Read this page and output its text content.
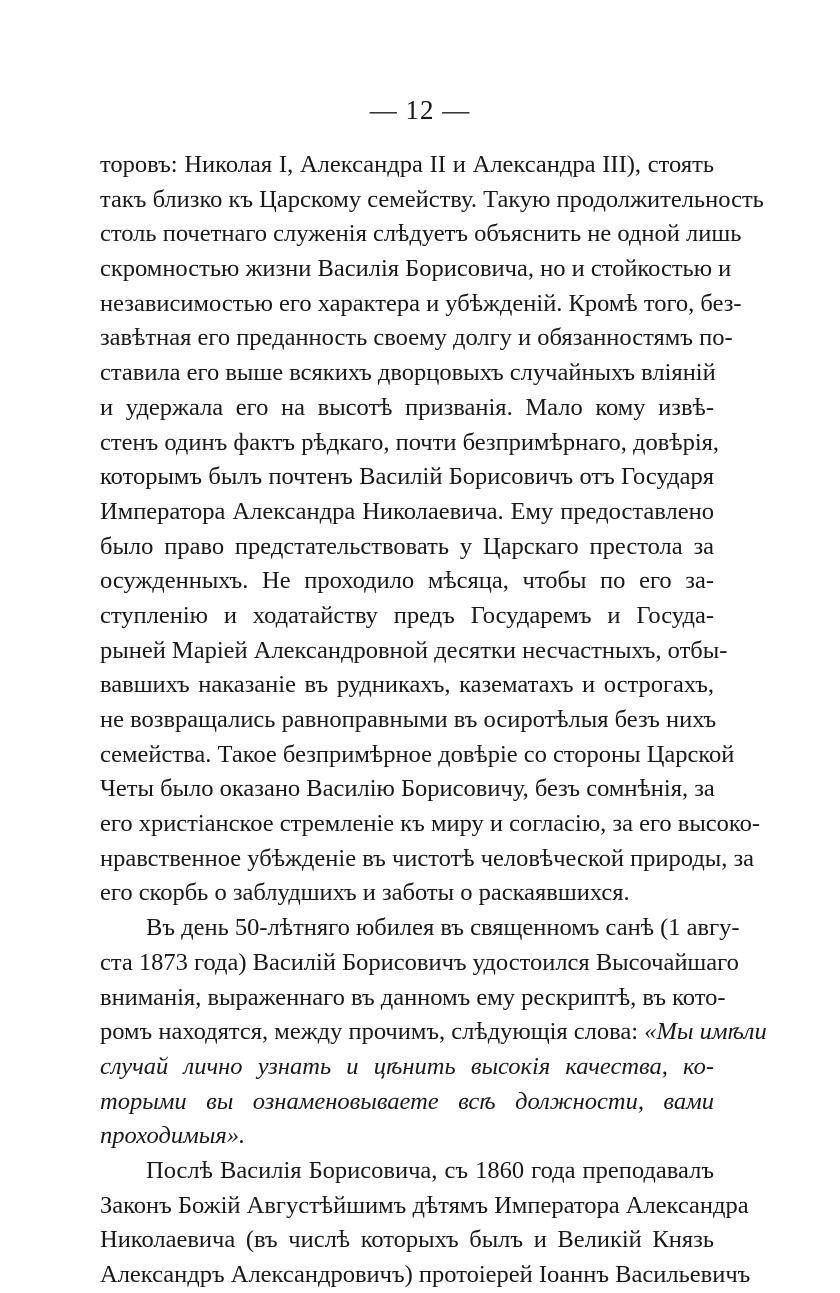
— 12 —
торовъ: Николая I, Александра II и Александра III), стоять
такъ близко къ Царскому семейству. Такую продолжительность
столь почетнаго служенія слѣдуетъ объяснить не одной лишь
скромностью жизни Василія Борисовича, но и стойкостью и
независимостью его характера и убѣжденій. Кромѣ того, без-
завѣтная его преданность своему долгу и обязанностямъ по-
ставила его выше всякихъ дворцовыхъ случайныхъ вліяній
и удержала его на высотѣ призванія. Мало кому извѣ-
стенъ одинъ фактъ рѣдкаго, почти безпримѣрнаго, довѣрія,
которымъ былъ почтенъ Василій Борисовичъ отъ Государя
Императора Александра Николаевича. Ему предоставлено
было право предстательствовать у Царскаго престола за
осужденныхъ. Не проходило мѣсяца, чтобы по его за-
ступленію и ходатайству предъ Государемъ и Госуда-
рыней Маріей Александровной десятки несчастныхъ, отбы-
вавшихъ наказаніе въ рудникахъ, казематахъ и острогахъ,
не возвращались равноправными въ осиротѣлыя безъ нихъ
семейства. Такое безпримѣрное довѣріе со стороны Царской
Четы было оказано Василію Борисовичу, безъ сомнѣнія, за
его христіанское стремленіе къ миру и согласію, за его высоко-
нравственное убѣжденіе въ чистотѣ человѣческой природы, за
его скорбь о заблудшихъ и заботы о раскаявшихся.
Въ день 50-лѣтняго юбилея въ священномъ санѣ (1 авгу-
ста 1873 года) Василій Борисовичъ удостоился Высочайшаго
вниманія, выраженнаго въ данномъ ему рескриптѣ, въ кото-
ромъ находятся, между прочимъ, слѣдующія слова: «Мы имѣли
случай лично узнать и цѣнить высокія качества, ко-
торыми вы ознаменовываете всѣ должности, вами
проходимыя».
Послѣ Василія Борисовича, съ 1860 года преподавалъ
Законъ Божій Августѣйшимъ дѣтямъ Императора Александра
Николаевича (въ числѣ которыхъ былъ и Великій Князь
Александръ Александровичъ) протоіерей Іоаннъ Васильевичъ
